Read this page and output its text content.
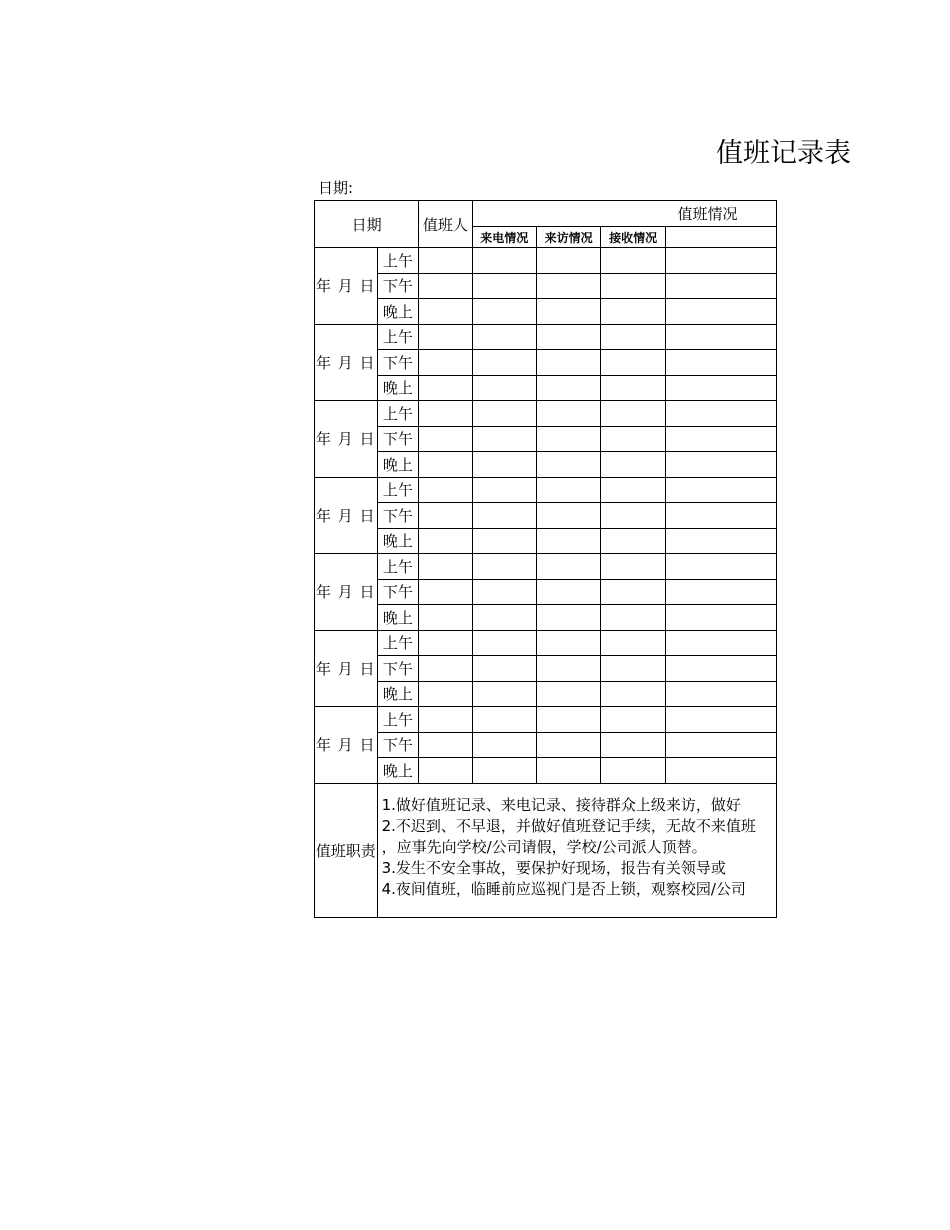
值班记录表
日期:
日期		值班人	值班情况			
			来电情况	来访情况	接收情况	
年 月 日	上午					
	下午					
	晚上					
年 月 日	上午					
	下午					
	晚上					
年 月 日	上午					
	下午					
	晚上					
年 月 日	上午					
	下午					
	晚上					
年 月 日	上午					
	下午					
	晚上					
年 月 日	上午					
	下午					
	晚上					
年 月 日	上午					
	下午					
	晚上					
值班职责	1.做好值班记录、来电记录、接待群众上级来访，做好
2.不迟到、不早退，并做好值班登记手续，无故不来值班
，应事先向学校/公司请假，学校/公司派人顶替。
3.发生不安全事故，要保护好现场，报告有关领导或
4.夜间值班，临睡前应巡视门是否上锁，观察校园/公司					
